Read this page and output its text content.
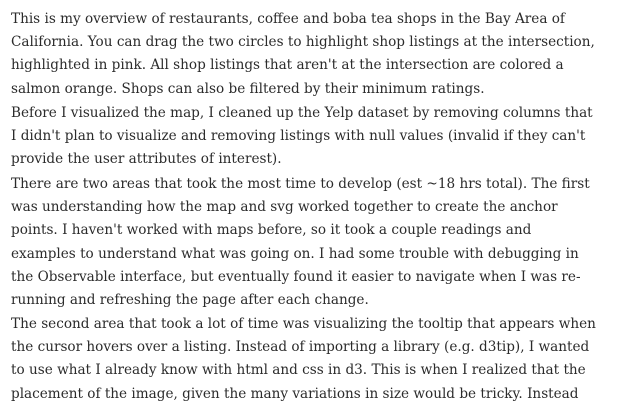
This is my overview of restaurants, coffee and boba tea shops in the Bay Area of
California. You can drag the two circles to highlight shop listings at the intersection,
highlighted in pink. All shop listings that aren't at the intersection are colored a
salmon orange. Shops can also be filtered by their minimum ratings.

Before I visualized the map, I cleaned up the Yelp dataset by removing columns that
I didn't plan to visualize and removing listings with null values (invalid if they can't
provide the user attributes of interest).

There are two areas that took the most time to develop (est ~18 hrs total). The first
was understanding how the map and svg worked together to create the anchor
points. I haven't worked with maps before, so it took a couple readings and
examples to understand what was going on. I had some trouble with debugging in
the Observable interface, but eventually found it easier to navigate when I was re-
running and refreshing the page after each change.

The second area that took a lot of time was visualizing the tooltip that appears when
the cursor hovers over a listing. Instead of importing a library (e.g. d3tip), I wanted
to use what I already know with html and css in d3. This is when I realized that the
placement of the image, given the many variations in size would be tricky. Instead
